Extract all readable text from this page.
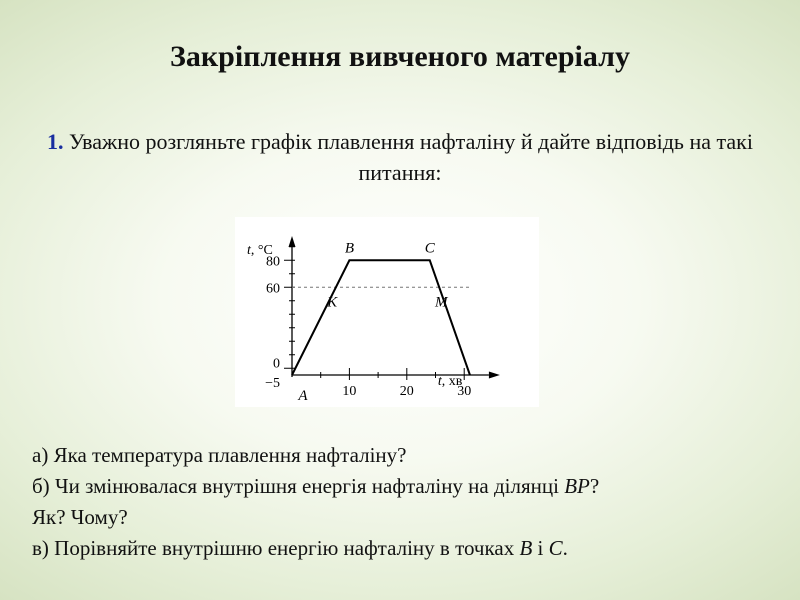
Закріплення вивченого матеріалу
1. Уважно розгляньте графік плавлення нафталіну й дайте відповідь на такі питання:
−5
0
60
80
10	20	30
t, °C
t, хв
A
B	C
K	M
а) Яка температура плавлення нафталіну?
б) Чи змінювалася внутрішня енергія нафталіну на ділянці BP?
Як? Чому?
в) Порівняйте внутрішню енергію нафталіну в точках B і C.
